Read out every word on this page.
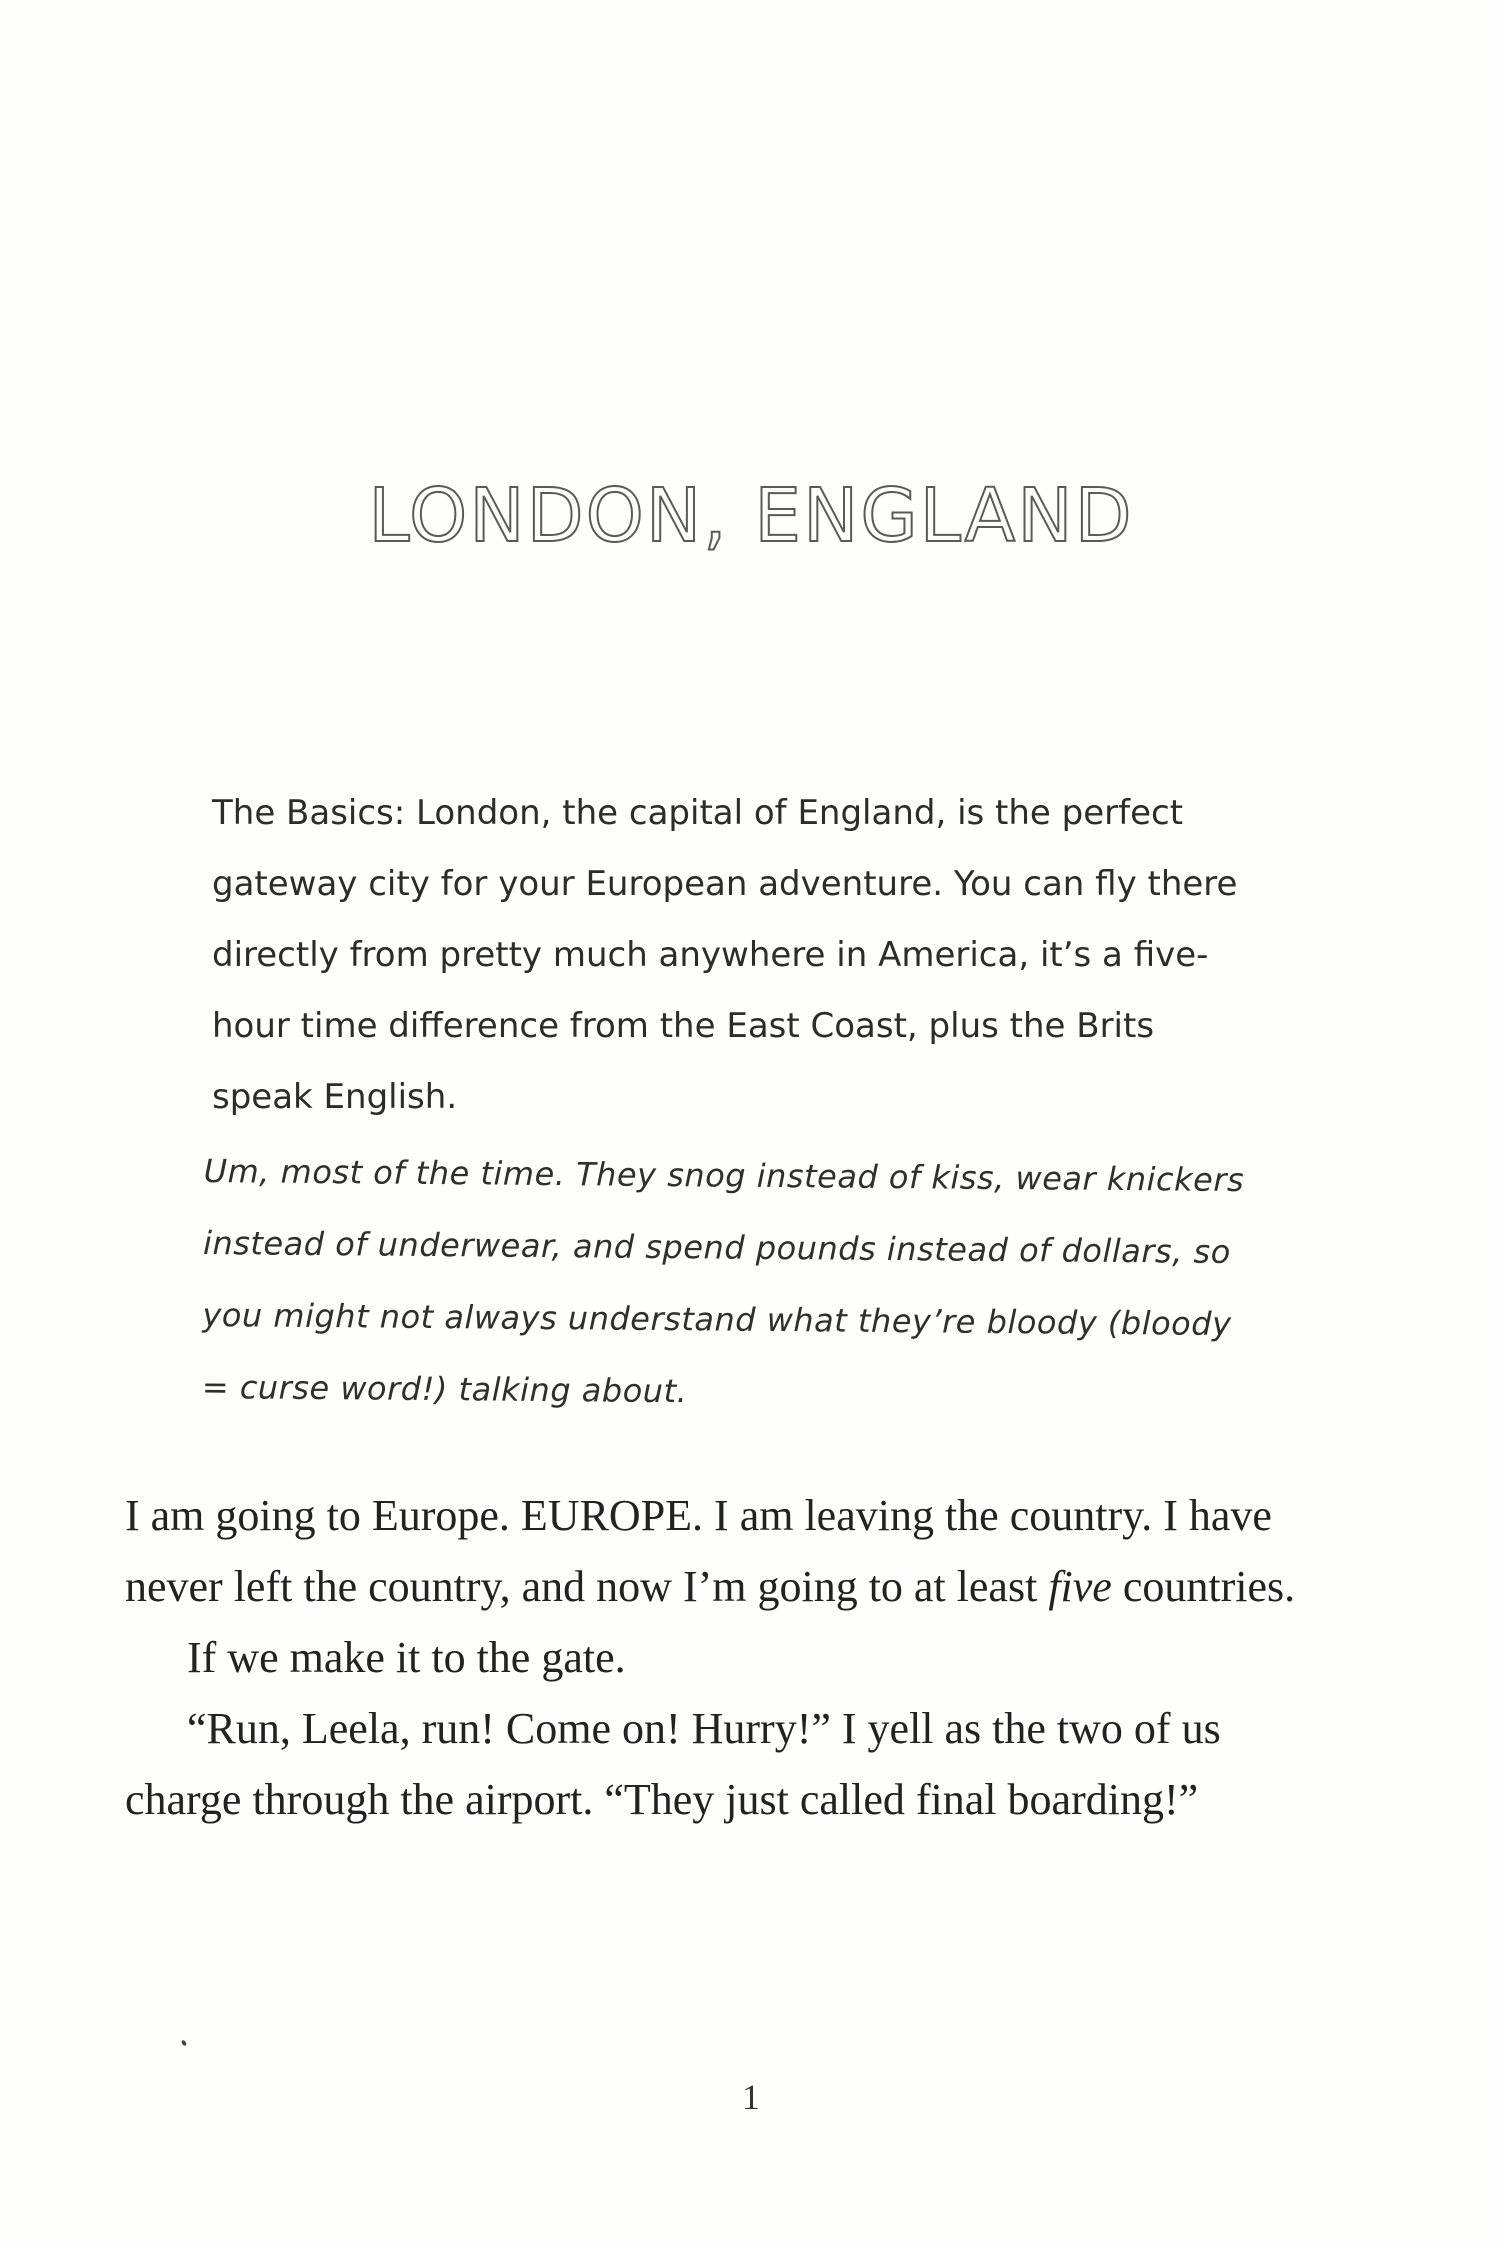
LONDON, ENGLAND

The Basics: London, the capital of England, is the perfect gateway city for your European adventure. You can fly there directly from pretty much anywhere in America, it’s a five-hour time difference from the East Coast, plus the Brits speak English.

Um, most of the time. They snog instead of kiss, wear knickers instead of underwear, and spend pounds instead of dollars, so you might not always understand what they’re bloody (bloody = curse word!) talking about.

I am going to Europe. EUROPE. I am leaving the country. I have never left the country, and now I’m going to at least five countries.

If we make it to the gate.

“Run, Leela, run! Come on! Hurry!” I yell as the two of us charge through the airport. “They just called final boarding!”

1
